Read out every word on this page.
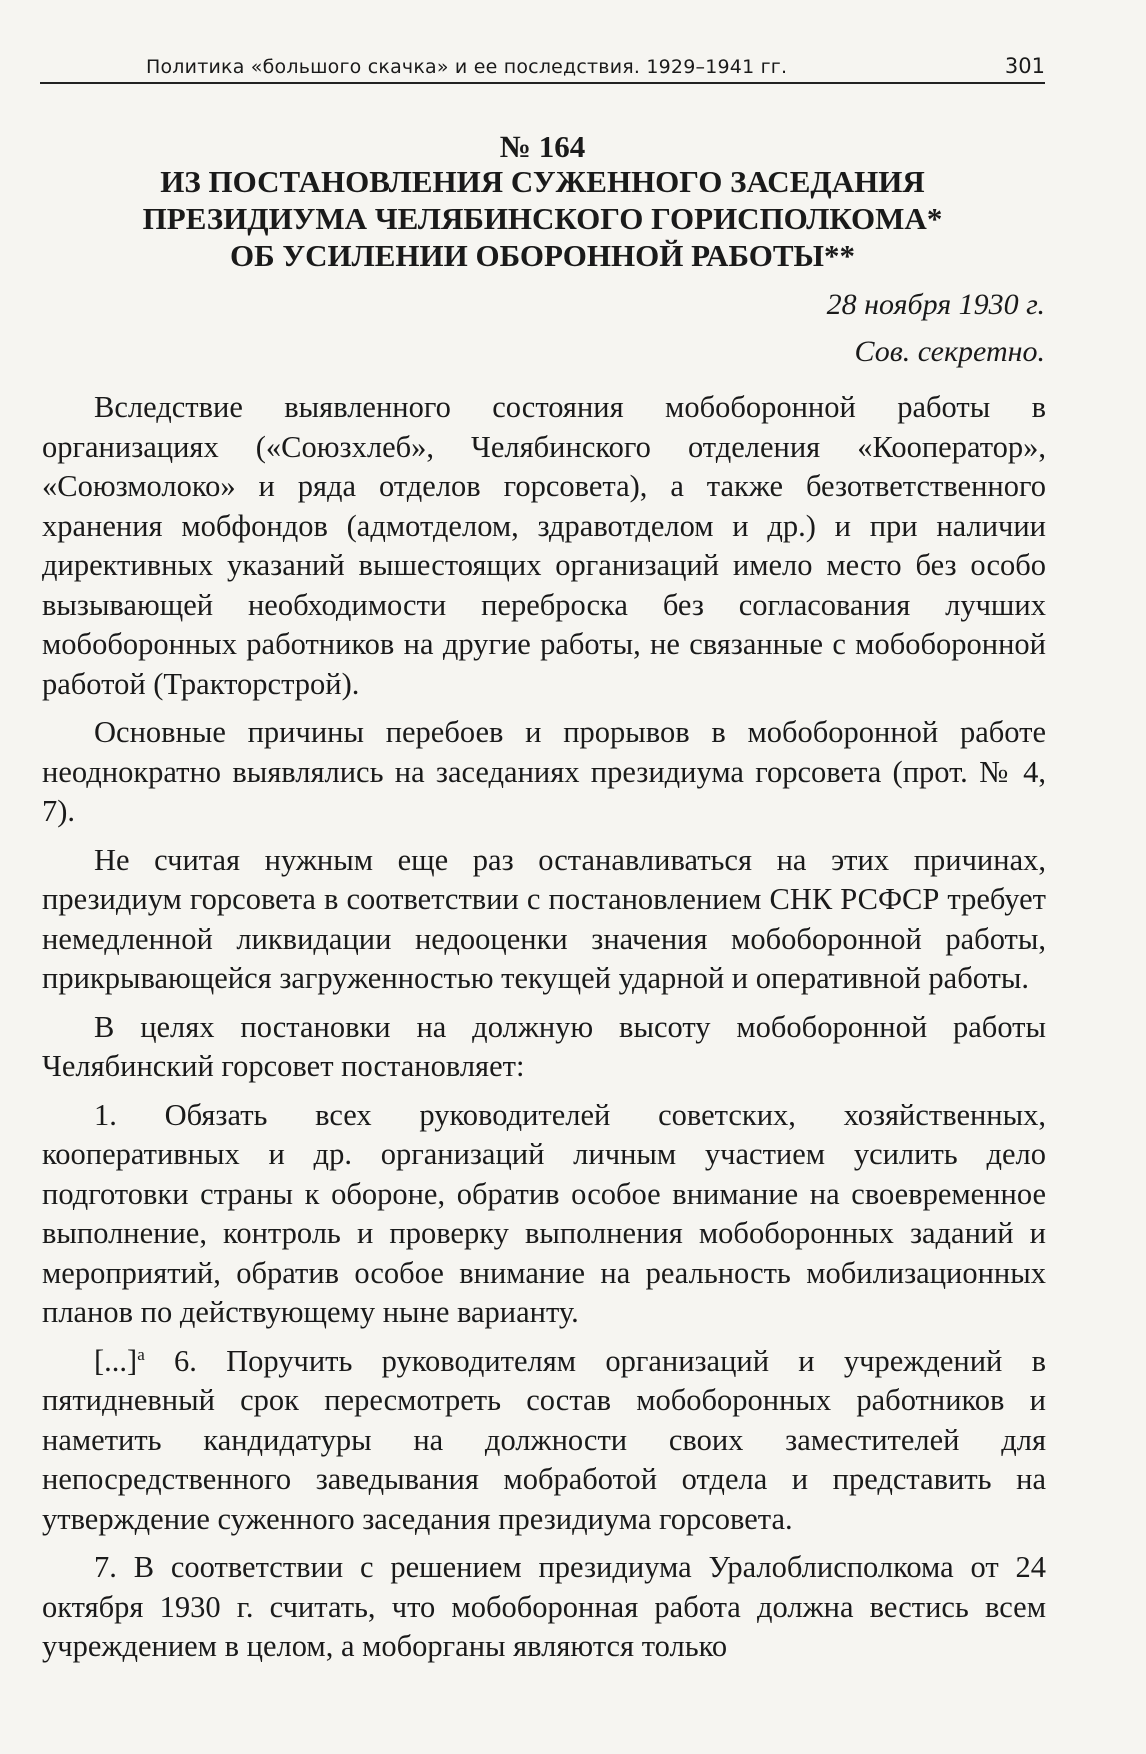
Политика «большого скачка» и ее последствия. 1929–1941 гг.	301
№ 164
ИЗ ПОСТАНОВЛЕНИЯ СУЖЕННОГО ЗАСЕДАНИЯ
ПРЕЗИДИУМА ЧЕЛЯБИНСКОГО ГОРИСПОЛКОМА*
ОБ УСИЛЕНИИ ОБОРОННОЙ РАБОТЫ**
28 ноября 1930 г.
Сов. секретно.

Вследствие выявленного состояния мобоборонной работы в организациях («Союзхлеб», Челябинского отделения «Кооператор», «Союзмолоко» и ряда отделов горсовета), а также безответственного хранения мобфондов (адмотделом, здравотделом и др.) и при наличии директивных указаний вышестоящих организаций имело место без особо вызывающей необходимости переброска без согласования лучших мобоборонных работников на другие работы, не связанные с мобоборонной работой (Тракторстрой).

Основные причины перебоев и прорывов в мобоборонной работе неоднократно выявлялись на заседаниях президиума горсовета (прот. № 4, 7).

Не считая нужным еще раз останавливаться на этих причинах, президиум горсовета в соответствии с постановлением СНК РСФСР требует немедленной ликвидации недооценки значения мобоборонной работы, прикрывающейся загруженностью текущей ударной и оперативной работы.

В целях постановки на должную высоту мобоборонной работы Челябинский горсовет постановляет:

1. Обязать всех руководителей советских, хозяйственных, кооперативных и др. организаций личным участием усилить дело подготовки страны к обороне, обратив особое внимание на своевременное выполнение, контроль и проверку выполнения мобоборонных заданий и мероприятий, обратив особое внимание на реальность мобилизационных планов по действующему ныне варианту.

[...]$^а$ 6. Поручить руководителям организаций и учреждений в пятидневный срок пересмотреть состав мобоборонных работников и наметить кандидатуры на должности своих заместителей для непосредственного заведывания мобработой отдела и представить на утверждение суженного заседания президиума горсовета.

7. В соответствии с решением президиума Уралоблисполкома от 24 октября 1930 г. считать, что мобоборонная работа должна вестись всем учреждением в целом, а моборганы являются только
